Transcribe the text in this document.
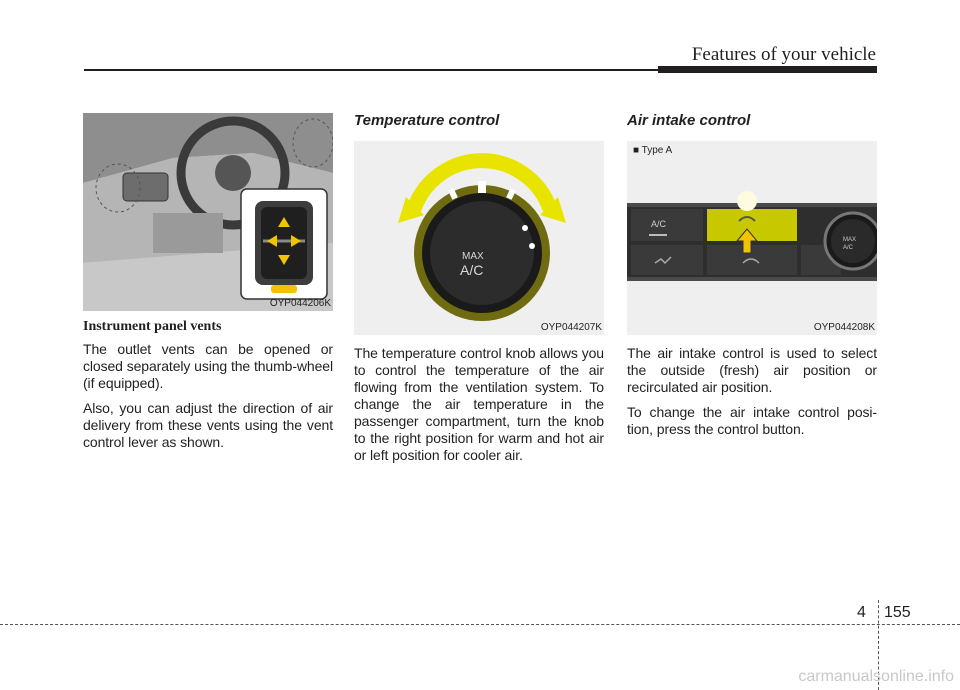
Features of your vehicle
OYP044206K
Instrument panel vents

The outlet vents can be opened or closed separately using the thumb-wheel (if equipped).

Also, you can adjust the direction of air delivery from these vents using the vent control lever as shown.

Temperature control
MAX
A/C
OYP044207K

The temperature control knob allows you to control the temperature of the air flowing from the ventilation system. To change the air temperature in the passenger compartment, turn the knob to the right position for warm and hot air or left position for cooler air.

Air intake control
A/C
MAX
A/C
■ Type A
OYP044208K

The air intake control is used to select the outside (fresh) air position or recirculated air position.

To change the air intake control posi-tion, press the control button.

4 155
carmanualsonline.info
